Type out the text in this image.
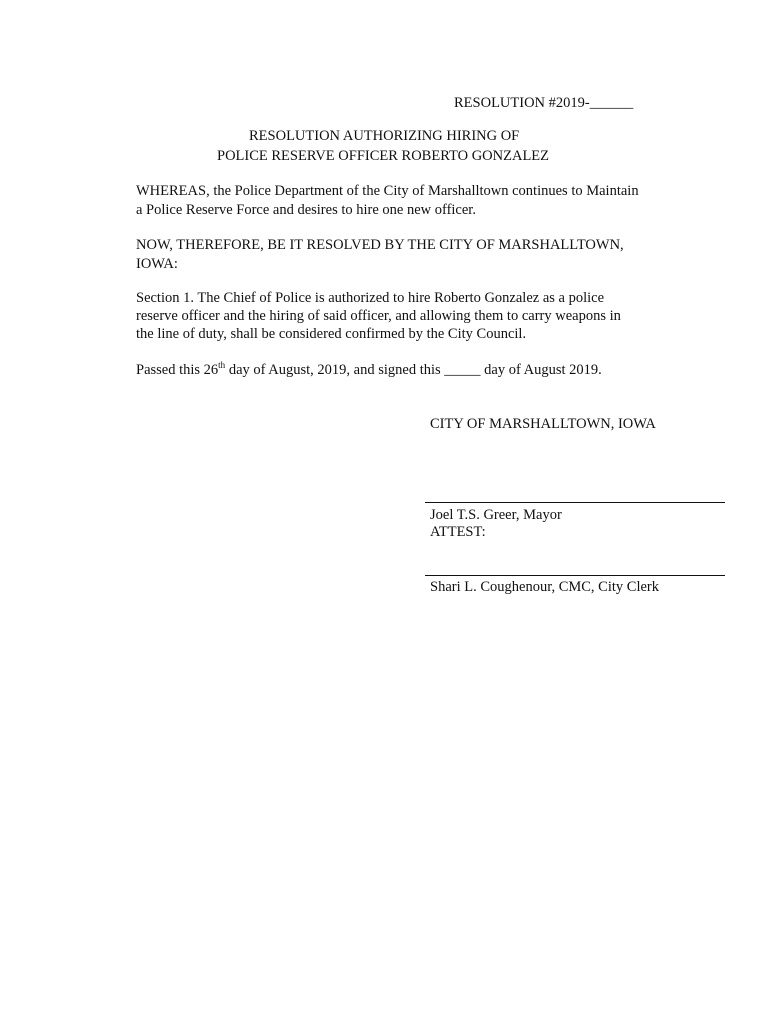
RESOLUTION #2019-______

RESOLUTION AUTHORIZING HIRING OF

POLICE RESERVE OFFICER ROBERTO GONZALEZ

WHEREAS, the Police Department of the City of Marshalltown continues to Maintain

a Police Reserve Force and desires to hire one new officer.

NOW, THEREFORE, BE IT RESOLVED BY THE CITY OF MARSHALLTOWN,

IOWA:

Section 1. The Chief of Police is authorized to hire Roberto Gonzalez as a police

reserve officer and the hiring of said officer, and allowing them to carry weapons in

the line of duty, shall be considered confirmed by the City Council.

Passed this 26th day of August, 2019, and signed this _____ day of August 2019.

CITY OF MARSHALLTOWN, IOWA

Joel T.S. Greer, Mayor

ATTEST:

Shari L. Coughenour, CMC, City Clerk
